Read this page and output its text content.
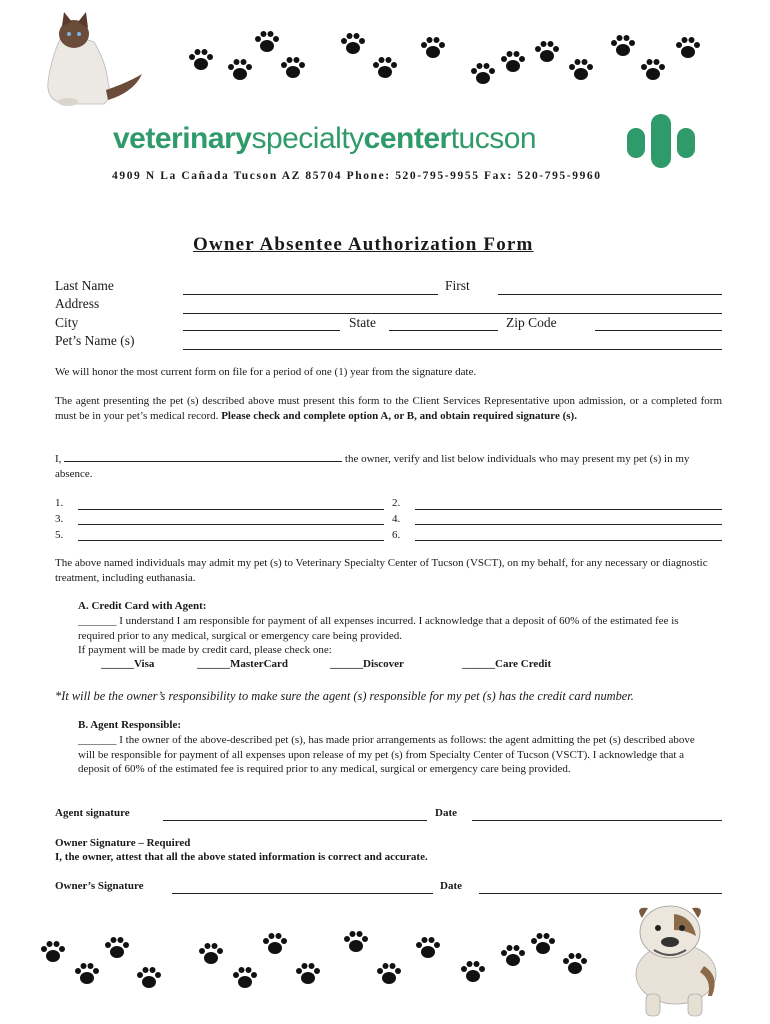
veterinaryspecialtycentertucson
4909 N La Cañada Tucson AZ 85704 Phone: 520-795-9955 Fax: 520-795-9960
Owner Absentee Authorization Form
Last Name	First
Address
City	State	Zip Code
Pet’s Name (s)
We will honor the most current form on file for a period of one (1) year from the signature date.
The agent presenting the pet (s) described above must present this form to the Client Services Representative upon admission, or a completed form must be in your pet’s medical record. Please check and complete option A, or B, and obtain required signature (s).
I,	the owner, verify and list below individuals who may present my pet (s) in my absence.
1.	2.
3.	4.
5.	6.
The above named individuals may admit my pet (s) to Veterinary Specialty Center of Tucson (VSCT), on my behalf, for any necessary or diagnostic treatment, including euthanasia.
A. Credit Card with Agent:
_______ I understand I am responsible for payment of all expenses incurred. I acknowledge that a deposit of 60% of the estimated fee is required prior to any medical, surgical or emergency care being provided.
If payment will be made by credit card, please check one:
______Visa	______MasterCard	______Discover	______Care Credit
*It will be the owner’s responsibility to make sure the agent (s) responsible for my pet (s) has the credit card number.
B. Agent Responsible:
_______ I the owner of the above-described pet (s), has made prior arrangements as follows: the agent admitting the pet (s) described above will be responsible for payment of all expenses upon release of my pet (s) from Specialty Center of Tucson (VSCT). I acknowledge that a deposit of 60% of the estimated fee is required prior to any medical, surgical or emergency care being provided.
Agent signature	Date
Owner Signature – Required
I, the owner, attest that all the above stated information is correct and accurate.
Owner’s Signature	Date
